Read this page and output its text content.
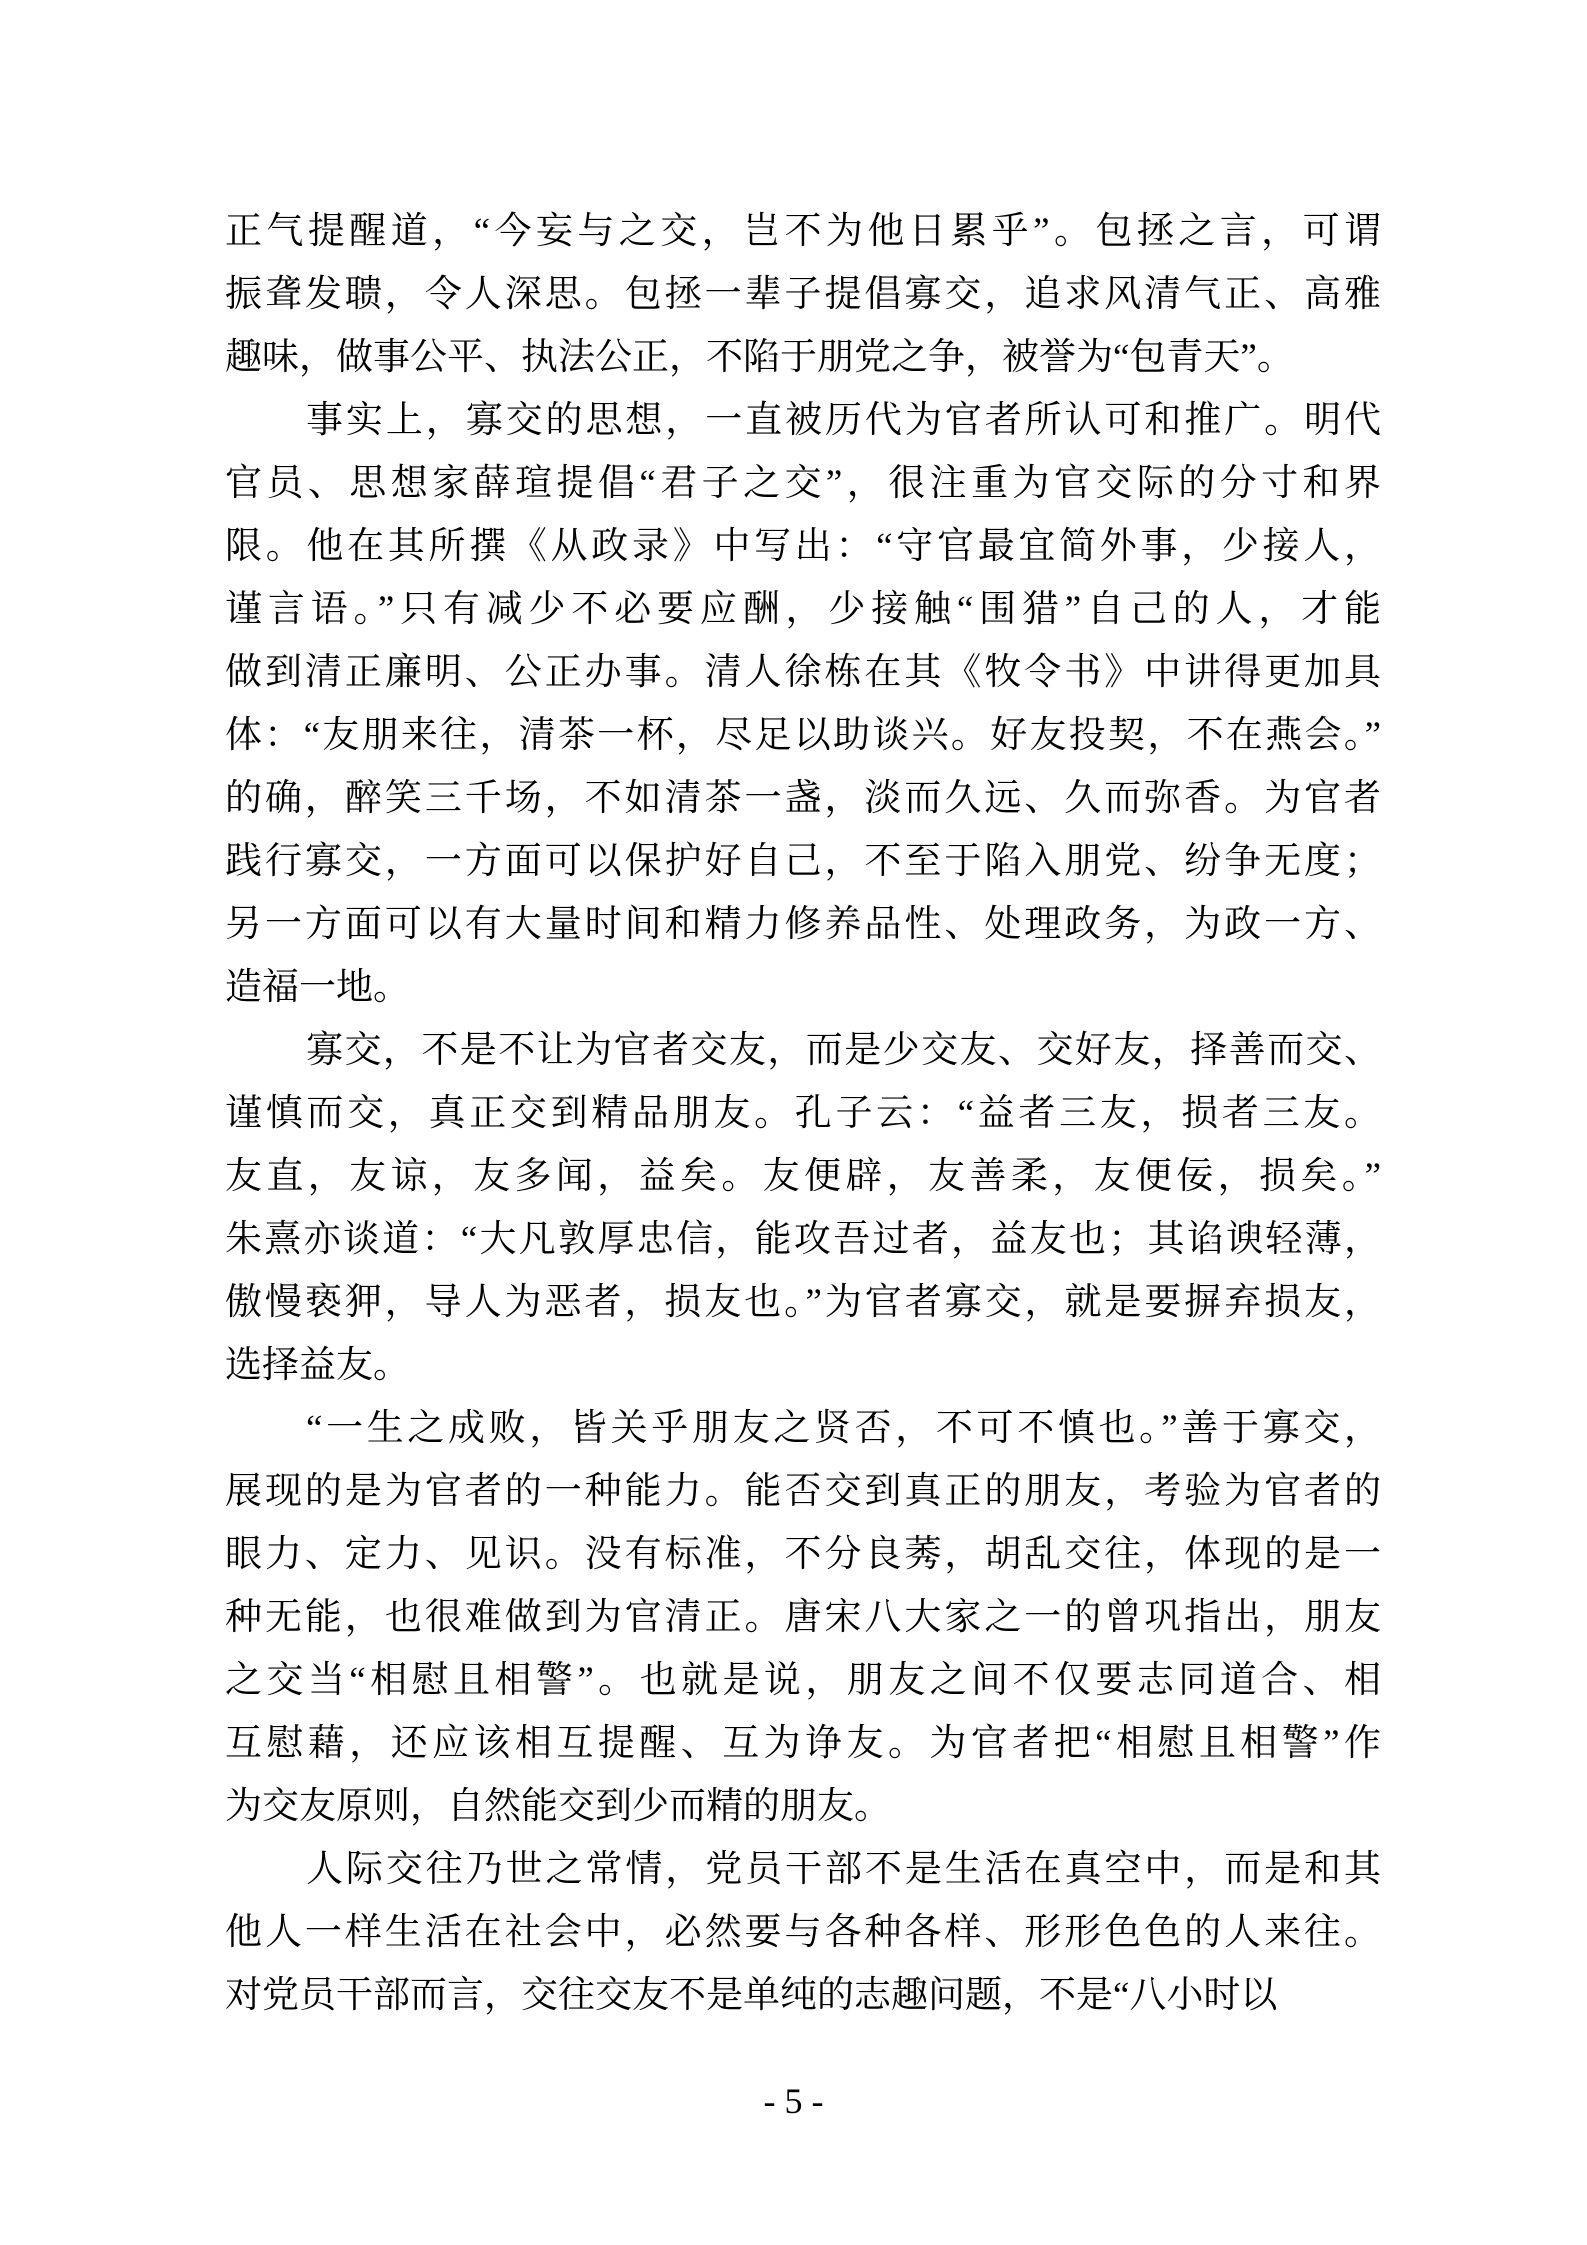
正气提醒道，“今妄与之交，岂不为他日累乎”。包拯之言，可谓
振聋发聩，令人深思。包拯一辈子提倡寡交，追求风清气正、高雅
趣味，做事公平、执法公正，不陷于朋党之争，被誉为“包青天”。
事实上，寡交的思想，一直被历代为官者所认可和推广。明代
官员、思想家薛瑄提倡“君子之交”，很注重为官交际的分寸和界
限。他在其所撰《从政录》中写出：“守官最宜简外事，少接人，
谨言语。”只有减少不必要应酬，少接触“围猎”自己的人，才能
做到清正廉明、公正办事。清人徐栋在其《牧令书》中讲得更加具
体：“友朋来往，清茶一杯，尽足以助谈兴。好友投契，不在燕会。”
的确，醉笑三千场，不如清茶一盏，淡而久远、久而弥香。为官者
践行寡交，一方面可以保护好自己，不至于陷入朋党、纷争无度；
另一方面可以有大量时间和精力修养品性、处理政务，为政一方、
造福一地。
寡交，不是不让为官者交友，而是少交友、交好友，择善而交、
谨慎而交，真正交到精品朋友。孔子云：“益者三友，损者三友。
友直，友谅，友多闻，益矣。友便辟，友善柔，友便佞，损矣。”
朱熹亦谈道：“大凡敦厚忠信，能攻吾过者，益友也；其谄谀轻薄，
傲慢亵狎，导人为恶者，损友也。”为官者寡交，就是要摒弃损友，
选择益友。
“一生之成败，皆关乎朋友之贤否，不可不慎也。”善于寡交，
展现的是为官者的一种能力。能否交到真正的朋友，考验为官者的
眼力、定力、见识。没有标准，不分良莠，胡乱交往，体现的是一
种无能，也很难做到为官清正。唐宋八大家之一的曾巩指出，朋友
之交当“相慰且相警”。也就是说，朋友之间不仅要志同道合、相
互慰藉，还应该相互提醒、互为诤友。为官者把“相慰且相警”作
为交友原则，自然能交到少而精的朋友。
人际交往乃世之常情，党员干部不是生活在真空中，而是和其
他人一样生活在社会中，必然要与各种各样、形形色色的人来往。
对党员干部而言，交往交友不是单纯的志趣问题，不是“八小时以
- 5 -
